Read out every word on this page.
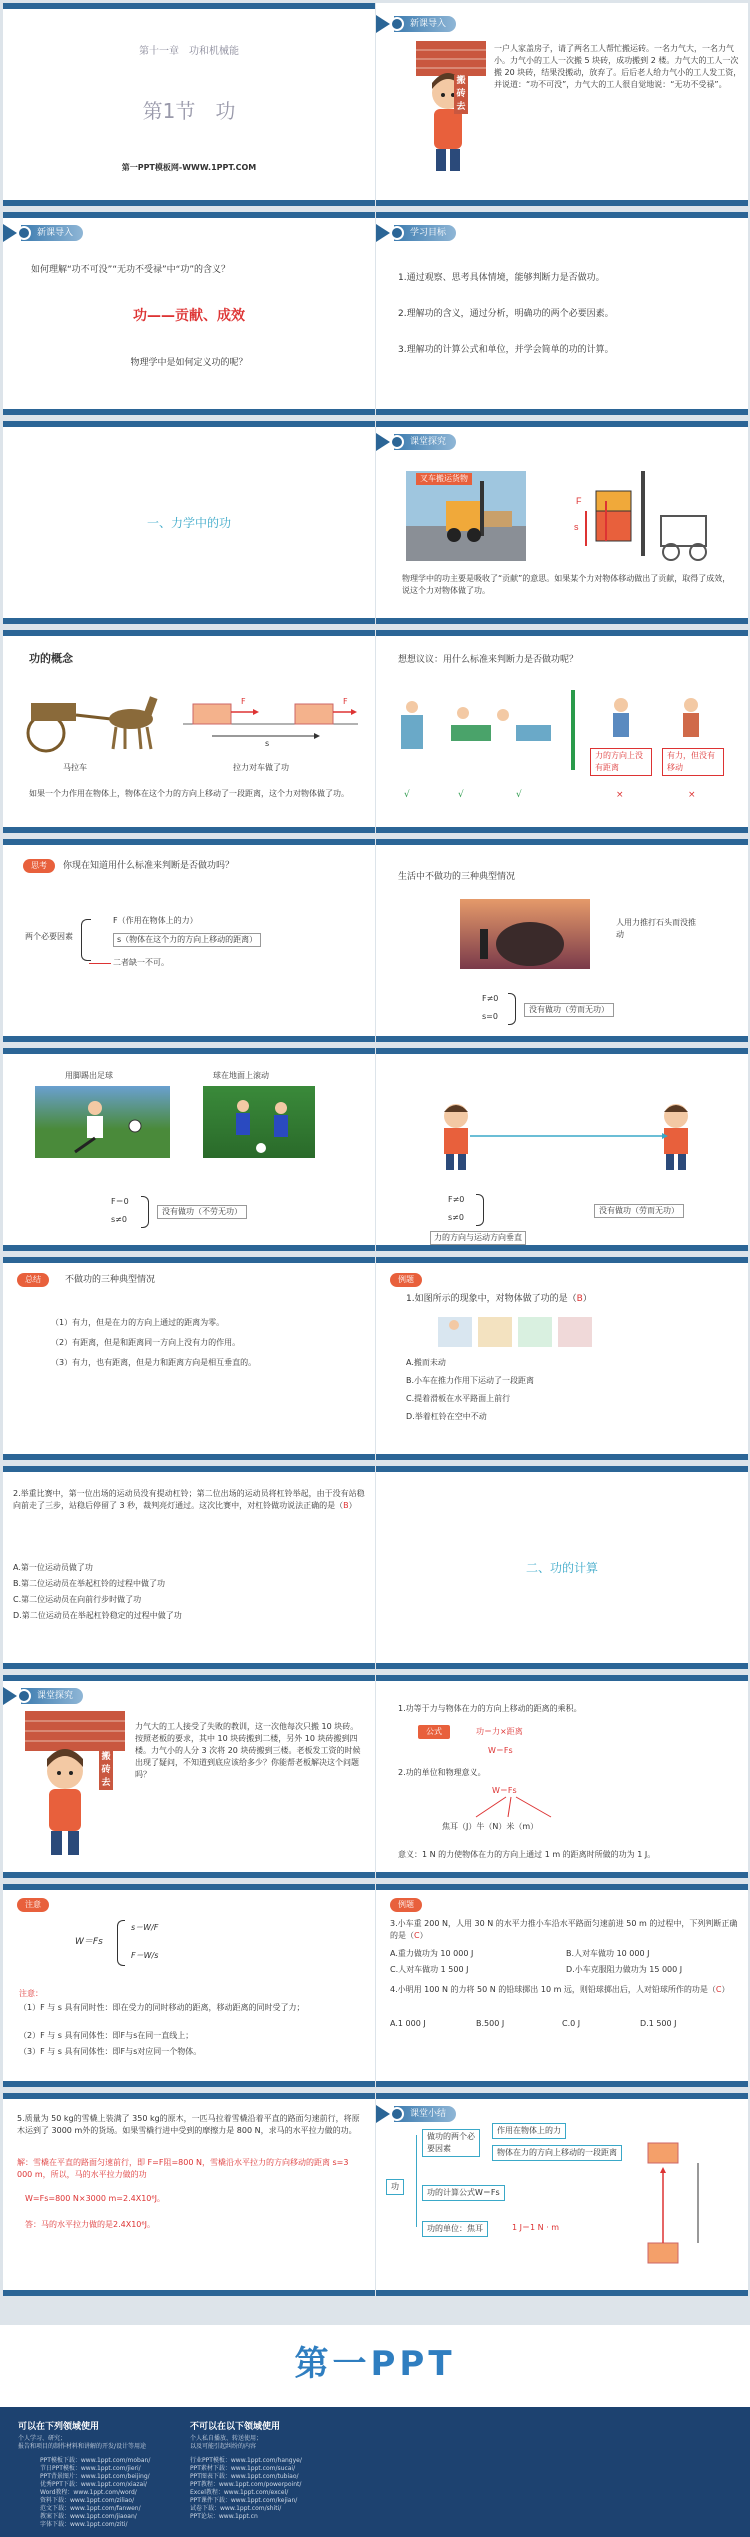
第十一章　功和机械能
第1节　功
第一PPT模板网-WWW.1PPT.COM
新课导入
搬砖去
一户人家盖房子，请了两名工人帮忙搬运砖。一名力气大，一名力气小。力气小的工人一次搬 5 块砖，成功搬到 2 楼。力气大的工人一次搬 20 块砖，结果没搬动，放弃了。后后老人给力气小的工人发工资，并说道：“功不可没”，力气大的工人很自觉地说：“无功不受禄”。
新课导入
如何理解“功不可没”“无功不受禄”中“功”的含义？
功——贡献、成效
物理学中是如何定义功的呢？
学习目标
1.通过观察、思考具体情境，能够判断力是否做功。
2.理解功的含义，通过分析，明确功的两个必要因素。
3.理解功的计算公式和单位，并学会简单的功的计算。
一、力学中的功
课堂探究
叉车搬运货物
F
s
物理学中的功主要是吸收了“贡献”的意思。如果某个力对物体移动做出了贡献，取得了成效，说这个力对物体做了功。
功的概念
马拉车
F	F
s
拉力对车做了功
如果一个力作用在物体上，物体在这个力的方向上移动了一段距离，这个力对物体做了功。
想想议议：用什么标准来判断力是否做功呢？
力的方向上没有距离
有力，但没有移动
√	√	√	×	×
思考	你现在知道用什么标准来判断是否做功吗？
两个必要因素
F（作用在物体上的力）
s（物体在这个力的方向上移动的距离）
二者缺一不可。
生活中不做功的三种典型情况
人用力推打石头而没推动
F≠0
s=0
没有做功（劳而无功）
用脚踢出足球	球在地面上滚动
F＝0
s≠0
没有做功（不劳无功）
F≠0
s≠0
没有做功（劳而无功）
力的方向与运动方向垂直
总结	不做功的三种典型情况
（1）有力，但是在力的方向上通过的距离为零。
（2）有距离，但是和距离同一方向上没有力的作用。
（3）有力，也有距离，但是力和距离方向是相互垂直的。
例题
1.如图所示的现象中，对物体做了功的是（B）
A.搬而未动
B.小车在推力作用下运动了一段距离
C.提着滑板在水平路面上前行
D.举着杠铃在空中不动
2.举重比赛中，第一位出场的运动员没有提动杠铃；第二位出场的运动员将杠铃举起，由于没有站稳向前走了三步，站稳后停留了 3 秒，裁判亮灯通过。这次比赛中，对杠铃做功说法正确的是（B）
A.第一位运动员做了功
B.第二位运动员在举起杠铃的过程中做了功
C.第二位运动员在向前行步时做了功
D.第二位运动员在举起杠铃稳定的过程中做了功
二、功的计算
课堂探究
搬砖去
力气大的工人接受了失败的教训，这一次他每次只搬 10 块砖。按照老板的要求，其中 10 块砖搬到二楼，另外 10 块砖搬到四楼。力气小的人分 3 次将 20 块砖搬到三楼。老板发工资的时候出现了疑问，不知道到底应该给多少？你能帮老板解决这个问题吗？
1.功等于力与物体在力的方向上移动的距离的乘积。
公式	功＝力×距离
W＝Fs
2.功的单位和物理意义。
W＝Fs
焦耳（J）牛（N）米（m）
意义：1 N 的力使物体在力的方向上通过 1 m 的距离时所做的功为 1 J。
注意
W＝Fs
s＝W/F
F＝W/s
注意：
（1）F 与 s 具有同时性：即在受力的同时移动的距离，移动距离的同时受了力；
（2）F 与 s 具有同体性：即F与s在同一直线上；
（3）F 与 s 具有同体性：即F与s对应同一个物体。
例题
3.小车重 200 N，人用 30 N 的水平力推小车沿水平路面匀速前进 50 m 的过程中，下列判断正确的是（C）
A.重力做功为 10 000 J	B.人对车做功 10 000 J
C.人对车做功 1 500 J	D.小车克服阻力做功为 15 000 J
4.小明用 100 N 的力将 50 N 的铅球掷出 10 m 远，则铅球掷出后，人对铅球所作的功是（C）
A.1 000 J	B.500 J	C.0 J	D.1 500 J
5.质量为 50 kg的雪橇上装满了 350 kg的原木，一匹马拉着雪橇沿着平直的路面匀速前行，将原木运到了 3000 m外的货场。如果雪橇行进中受到的摩擦力是 800 N，求马的水平拉力做的功。
解：雪橇在平直的路面匀速前行，即 F=F阻=800 N，雪橇沿水平拉力的方向移动的距离 s=3 000 m，所以，马的水平拉力做的功
W=Fs=800 N×3000 m=2.4X10⁶J。
答：马的水平拉力做的是2.4X10⁶J。
课堂小结
功
做功的两个必要因素
作用在物体上的力
物体在力的方向上移动的一段距离
功的计算公式W＝Fs
功的单位：焦耳	1 J＝1 N · m
第一PPT
可以在下列领域使用
个人学习、研究；
报告和项目的制作材料和讲解的开发/设计等用途
不可以在以下领域使用
个人私自播放、转送使用；
以及可能引起纠纷的内容
PPT模板下载：www.1ppt.com/moban/
节日PPT模板：www.1ppt.com/jieri/
PPT背景图片：www.1ppt.com/beijing/
优秀PPT下载：www.1ppt.com/xiazai/
Word教程：www.1ppt.com/word/
资料下载：www.1ppt.com/ziliao/
范文下载：www.1ppt.com/fanwen/
教案下载：www.1ppt.com/jiaoan/
字体下载：www.1ppt.com/ziti/
行业PPT模板：www.1ppt.com/hangye/
PPT素材下载：www.1ppt.com/sucai/
PPT图表下载：www.1ppt.com/tubiao/
PPT教程：www.1ppt.com/powerpoint/
Excel教程：www.1ppt.com/excel/
PPT课件下载：www.1ppt.com/kejian/
试卷下载：www.1ppt.com/shiti/
PPT论坛：www.1ppt.cn
